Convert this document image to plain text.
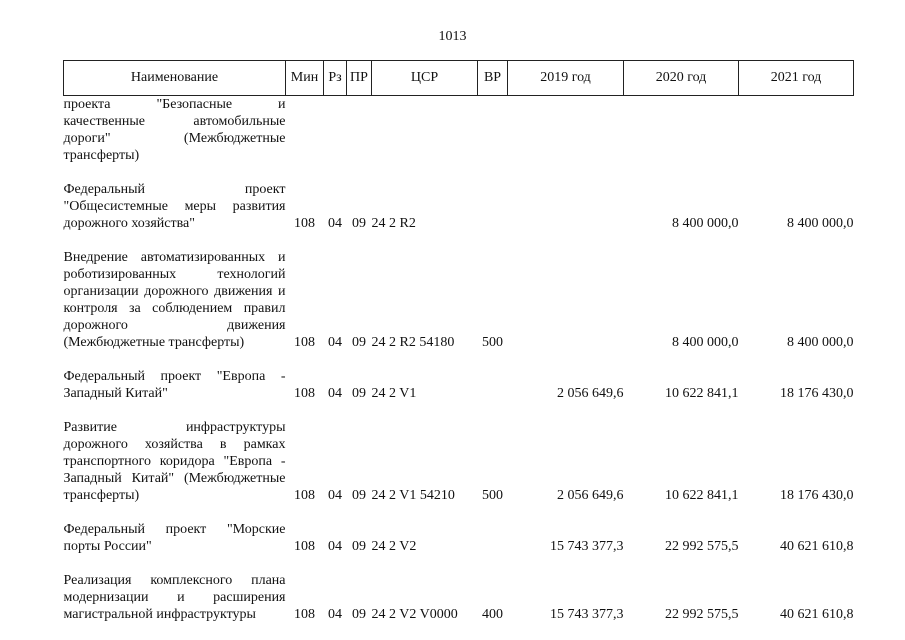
1013
Наименование	Мин	Рз	ПР	ЦСР	ВР	2019 год	2020 год	2021 год
проекта "Безопасные и качественные автомобильные дороги" (Межбюджетные трансферты)								
Федеральный проект "Общесистемные меры развития дорожного хозяйства"	108	04	09	24 2 R2			8 400 000,0	8 400 000,0
Внедрение автоматизированных и роботизированных технологий организации дорожного движения и контроля за соблюдением правил дорожного движения (Межбюджетные трансферты)	108	04	09	24 2 R2 54180	500		8 400 000,0	8 400 000,0
Федеральный проект "Европа - Западный Китай"	108	04	09	24 2 V1		2 056 649,6	10 622 841,1	18 176 430,0
Развитие инфраструктуры дорожного хозяйства в рамках транспортного коридора "Европа - Западный Китай" (Межбюджетные трансферты)	108	04	09	24 2 V1 54210	500	2 056 649,6	10 622 841,1	18 176 430,0
Федеральный проект "Морские порты России"	108	04	09	24 2 V2		15 743 377,3	22 992 575,5	40 621 610,8
Реализация комплексного плана модернизации и расширения магистральной инфраструктуры	108	04	09	24 2 V2 V0000	400	15 743 377,3	22 992 575,5	40 621 610,8
